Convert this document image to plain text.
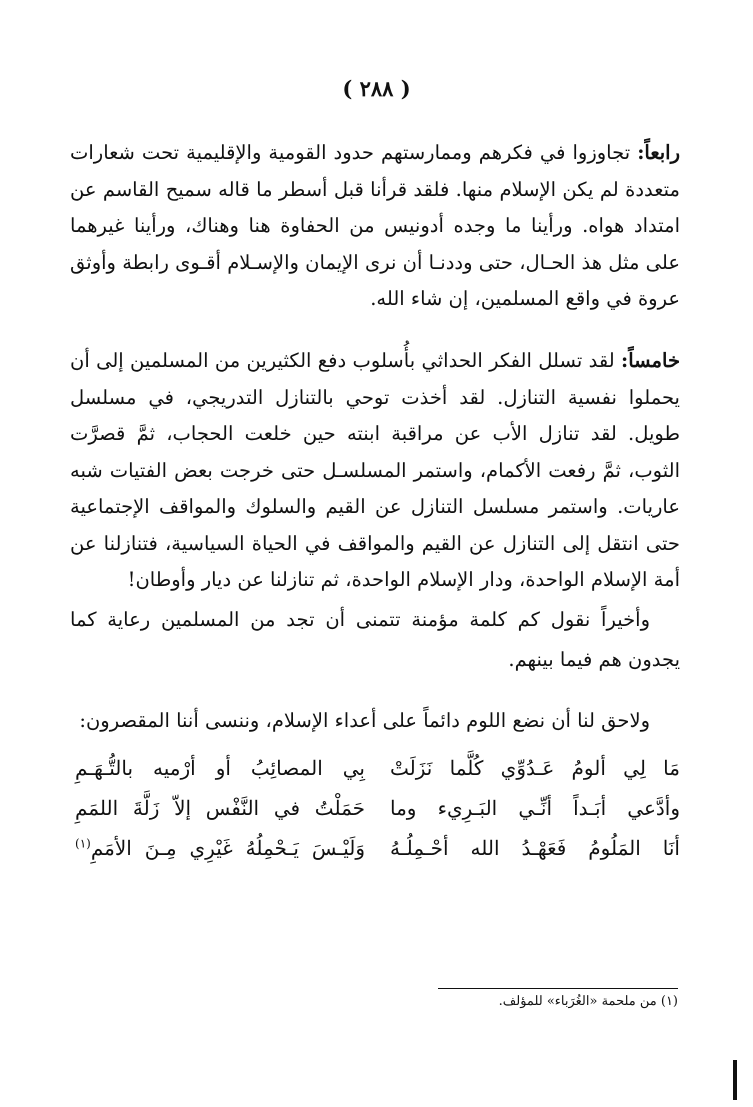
( ٢٨٨ )

رابعاً: تجاوزوا في فكرهم وممارستهم حدود القومية والإقليمية تحت شعارات متعددة لم يكن الإسلام منها. فلقد قرأنا قبل أسطر ما قاله سميح القاسم عن امتداد هواه. ورأينا ما وجده أدونيس من الحفاوة هنا وهناك، ورأينا غيرهما على مثل هذ الحـال، حتى وددنـا أن نرى الإيمان والإسـلام أقـوى رابطة وأوثق عروة في واقع المسلمين، إن شاء الله.

خامساً: لقد تسلل الفكر الحداثي بأُسلوب دفع الكثيرين من المسلمين إلى أن يحملوا نفسية التنازل. لقد أخذت توحي بالتنازل التدريجي، في مسلسل طويل. لقد تنازل الأب عن مراقبة ابنته حين خلعت الحجاب، ثمَّ قصرَّت الثوب، ثمَّ رفعت الأكمام، واستمر المسلسـل حتى خرجت بعض الفتيات شبه عاريات. واستمر مسلسل التنازل عن القيم والسلوك والمواقف الإجتماعية حتى انتقل إلى التنازل عن القيم والمواقف في الحياة السياسية، فتنازلنا عن أمة الإسلام الواحدة، ودار الإسلام الواحدة، ثم تنازلنا عن ديار وأوطان!

وأخيراً نقول كم كلمة مؤمنة تتمنى أن تجد من المسلمين رعاية كما يجدون هم فيما بينهم.

ولاحق لنا أن نضع اللوم دائماً على أعداء الإسلام، وننسى أننا المقصرون:

مَا لِي ألومُ عَـدُوِّي كُلَّما نَزَلَتْ
بِي المصائِبُ أو أرْميه بالتُّـهَـمِ
وأدَّعي أبَـداً أنِّـي البَـرِيء وما
حَمَلْتُ في النَّفْس إلاّ زَلَّةَ اللمَمِ
أنَا المَلُومُ فَعَهْـدُ الله أحْـمِلُـهُ
وَلَيْـسَ يَـحْمِلُهُ غَيْرِي مِـنَ الأمَمِ$^{(١)}$
(١) من ملحمة «الغُرَباء» للمؤلف.
